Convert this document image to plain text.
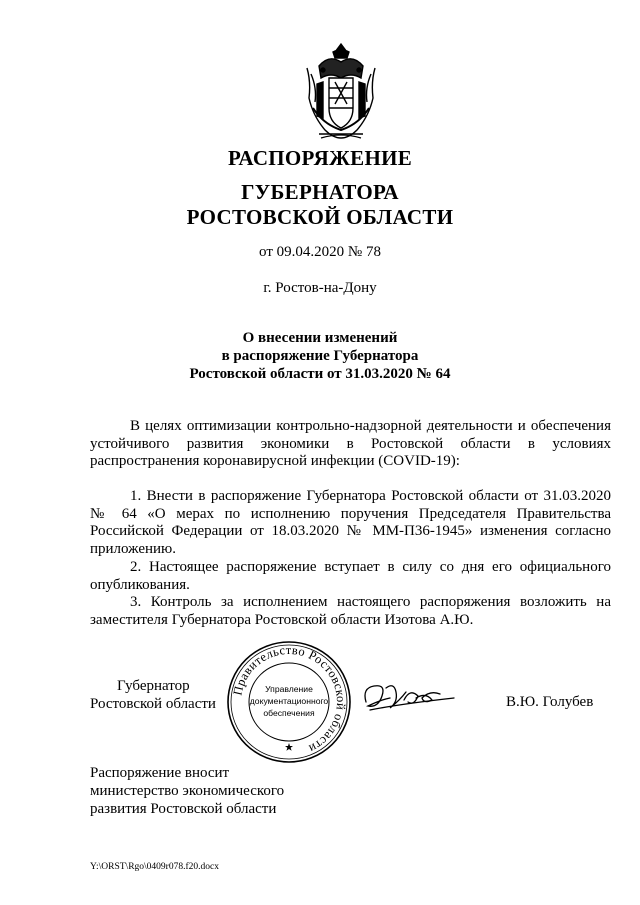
РАСПОРЯЖЕНИЕ
ГУБЕРНАТОРА
РОСТОВСКОЙ ОБЛАСТИ
от 09.04.2020 № 78
г. Ростов-на-Дону
О внесении изменений
в распоряжение Губернатора
Ростовской области от 31.03.2020 № 64

В целях оптимизации контрольно-надзорной деятельности и обеспечения устойчивого развития экономики в Ростовской области в условиях распространения коронавирусной инфекции (COVID-19):

1. Внести в распоряжение Губернатора Ростовской области от 31.03.2020 № 64 «О мерах по исполнению поручения Председателя Правительства Российской Федерации от 18.03.2020 № ММ-П36-1945» изменения согласно приложению.

2. Настоящее распоряжение вступает в силу со дня его официального опубликования.

3. Контроль за исполнением настоящего распоряжения возложить на заместителя Губернатора Ростовской области Изотова А.Ю.

Губернатор
Ростовской области
Правительство Ростовской области
Управление
документационного
обеспечения
В.Ю. Голубев
Распоряжение вносит
министерство экономического
развития Ростовской области
Y:\ORST\Rgo\0409r078.f20.docx
